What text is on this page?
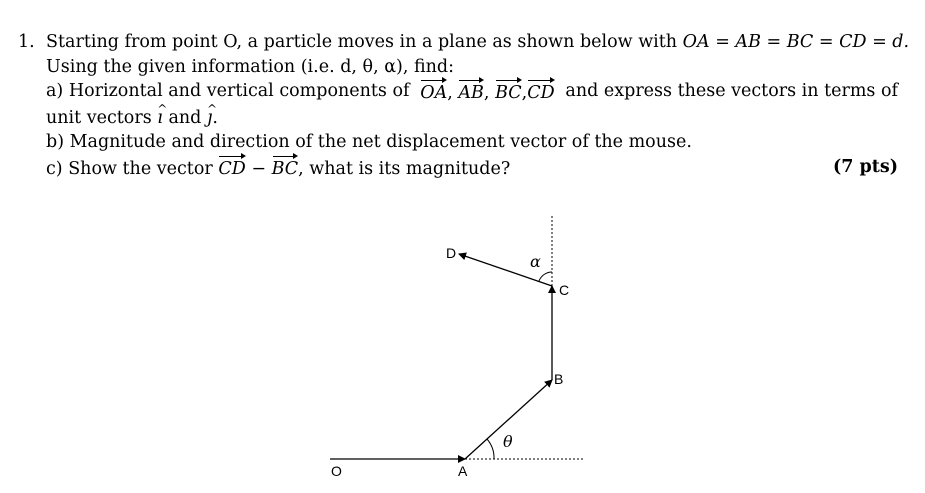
1. Starting from point O, a particle moves in a plane as shown below with OA = AB = BC = CD = d.
Using the given information (i.e. d, θ, α), find:
a) Horizontal and vertical components of OA, AB, BC,CD and express these vectors in terms of
unit vectors ı ^ and ȷ ^.
b) Magnitude and direction of the net displacement vector of the mouse.
c) Show the vector CD − BC, what is its magnitude?	(7 pts)
O	A
B
C
D
θ
α
